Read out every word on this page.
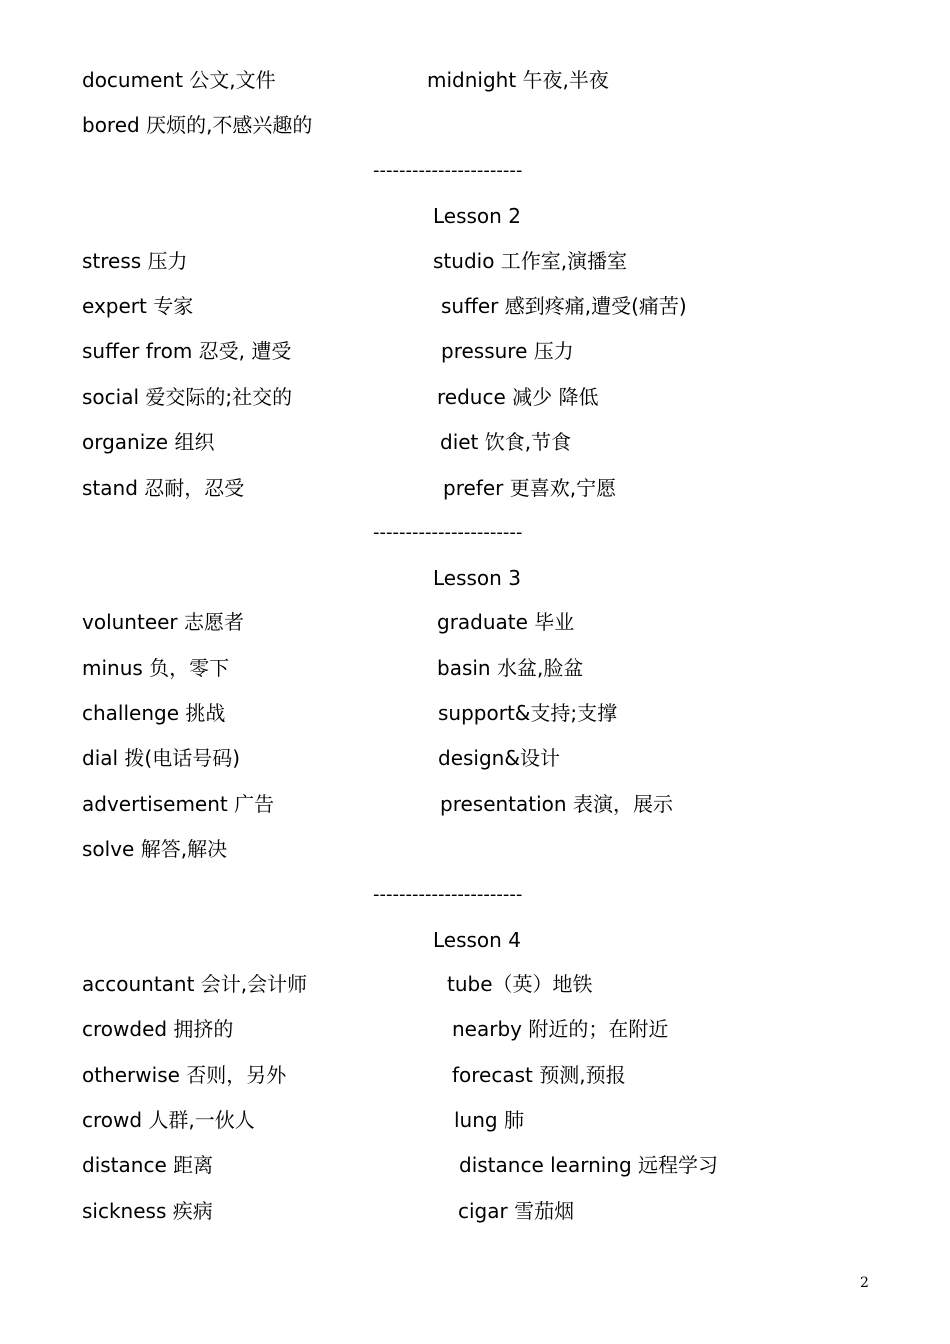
document 公文,文件	midnight 午夜,半夜
bored 厌烦的,不感兴趣的
-----------------------
Lesson 2
stress 压力	studio 工作室,演播室
expert 专家	suffer 感到疼痛,遭受(痛苦)
suffer from 忍受, 遭受	pressure 压力
social 爱交际的;社交的	reduce 减少 降低
organize 组织	diet 饮食,节食
stand 忍耐，忍受	prefer 更喜欢,宁愿
-----------------------
Lesson 3
volunteer 志愿者	graduate 毕业
minus 负，零下	basin 水盆,脸盆
challenge 挑战	support&支持;支撑
dial 拨(电话号码)	design&设计
advertisement 广告	presentation 表演，展示
solve 解答,解决
-----------------------
Lesson 4
accountant 会计,会计师	tube（英）地铁
crowded 拥挤的	nearby 附近的；在附近
otherwise 否则，另外	forecast 预测,预报
crowd 人群,一伙人	lung 肺
distance 距离	distance learning 远程学习
sickness 疾病	cigar 雪茄烟
2
